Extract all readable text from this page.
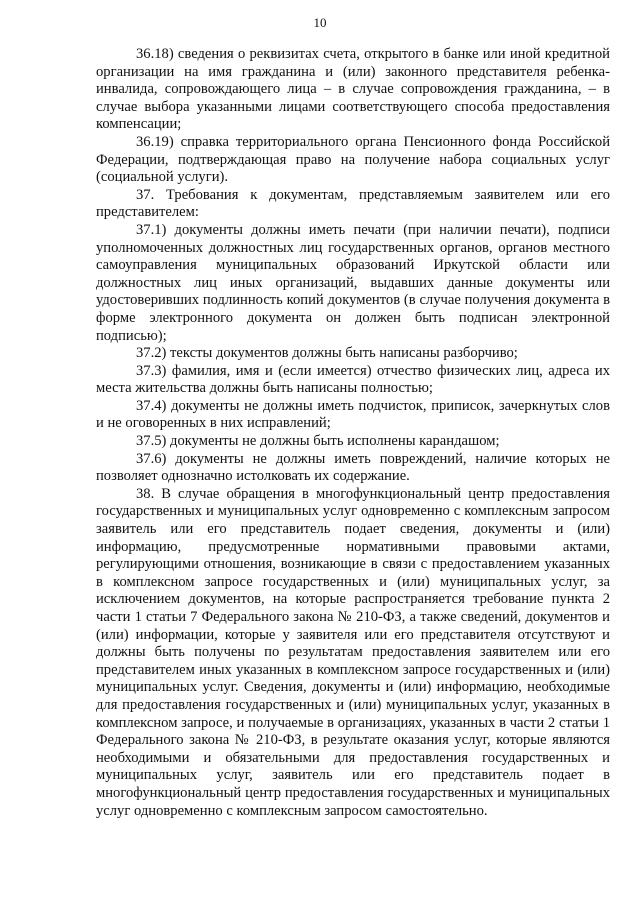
10

36.18) сведения о реквизитах счета, открытого в банке или иной кредитной организации на имя гражданина и (или) законного представителя ребенка-инвалида, сопровождающего лица – в случае сопровождения гражданина, – в случае выбора указанными лицами соответствующего способа предоставления компенсации;

36.19) справка территориального органа Пенсионного фонда Российской Федерации, подтверждающая право на получение набора социальных услуг (социальной услуги).

37. Требования к документам, представляемым заявителем или его представителем:

37.1) документы должны иметь печати (при наличии печати), подписи уполномоченных должностных лиц государственных органов, органов местного самоуправления муниципальных образований Иркутской области или должностных лиц иных организаций, выдавших данные документы или удостоверивших подлинность копий документов (в случае получения документа в форме электронного документа он должен быть подписан электронной подписью);

37.2) тексты документов должны быть написаны разборчиво;

37.3) фамилия, имя и (если имеется) отчество физических лиц, адреса их места жительства должны быть написаны полностью;

37.4) документы не должны иметь подчисток, приписок, зачеркнутых слов и не оговоренных в них исправлений;

37.5) документы не должны быть исполнены карандашом;

37.6) документы не должны иметь повреждений, наличие которых не позволяет однозначно истолковать их содержание.

38. В случае обращения в многофункциональный центр предоставления государственных и муниципальных услуг одновременно с комплексным запросом заявитель или его представитель подает сведения, документы и (или) информацию, предусмотренные нормативными правовыми актами, регулирующими отношения, возникающие в связи с предоставлением указанных в комплексном запросе государственных и (или) муниципальных услуг, за исключением документов, на которые распространяется требование пункта 2 части 1 статьи 7 Федерального закона № 210-ФЗ, а также сведений, документов и (или) информации, которые у заявителя или его представителя отсутствуют и должны быть получены по результатам предоставления заявителем или его представителем иных указанных в комплексном запросе государственных и (или) муниципальных услуг. Сведения, документы и (или) информацию, необходимые для предоставления государственных и (или) муниципальных услуг, указанных в комплексном запросе, и получаемые в организациях, указанных в части 2 статьи 1 Федерального закона № 210-ФЗ, в результате оказания услуг, которые являются необходимыми и обязательными для предоставления государственных и муниципальных услуг, заявитель или его представитель подает в многофункциональный центр предоставления государственных и муниципальных услуг одновременно с комплексным запросом самостоятельно.
